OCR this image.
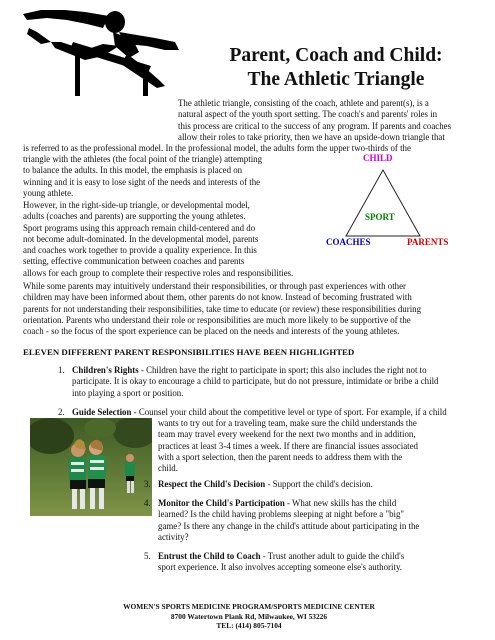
Parent, Coach and Child:
The Athletic Triangle

The athletic triangle, consisting of the coach, athlete and parent(s), is a

natural aspect of the youth sport setting. The coach's and parents' roles in

this process are critical to the success of any program. If parents and coaches

allow their roles to take priority, then we have an upside-down triangle that

is referred to as the professional model. In the professional model, the adults form the upper two-thirds of the

triangle with the athletes (the focal point of the triangle) attempting

to balance the adults. In this model, the emphasis is placed on

winning and it is easy to lose sight of the needs and interests of the

young athlete.

However, in the right-side-up triangle, or developmental model,

adults (coaches and parents) are supporting the young athletes.

Sport programs using this approach remain child-centered and do

not become adult-dominated. In the developmental model, parents

and coaches work together to provide a quality experience. In this

setting, effective communication between coaches and parents

allows for each group to complete their respective roles and responsibilities.

CHILD
SPORT
COACHES	PARENTS

While some parents may intuitively understand their responsibilities, or through past experiences with other

children may have been informed about them, other parents do not know. Instead of becoming frustrated with

parents for not understanding their responsibilities, take time to educate (or review) these responsibilities during

orientation. Parents who understand their role or responsibilities are much more likely to be supportive of the

coach - so the focus of the sport experience can be placed on the needs and interests of the young athletes.

ELEVEN DIFFERENT PARENT RESPONSIBILITIES HAVE BEEN HIGHLIGHTED
1. Children's Rights - Children have the right to participate in sport; this also includes the right not to
participate. It is okay to encourage a child to participate, but do not pressure, intimidate or bribe a child
into playing a sport or position.
2. Guide Selection - Counsel your child about the competitive level or type of sport. For example, if a child
wants to try out for a traveling team, make sure the child understands the
team may travel every weekend for the next two months and in addition,
practices at least 3-4 times a week. If there are financial issues associated
with a sport selection, then the parent needs to address them with the
child.
3. Respect the Child's Decision - Support the child's decision.
4. Monitor the Child's Participation - What new skills has the child
learned? Is the child having problems sleeping at night before a "big"
game? Is there any change in the child's attitude about participating in the
activity?
5. Entrust the Child to Coach - Trust another adult to guide the child's
sport experience. It also involves accepting someone else's authority.
WOMEN'S SPORTS MEDICINE PROGRAM/SPORTS MEDICINE CENTER
8700 Watertown Plank Rd, Milwaukee, WI 53226
TEL: (414) 805-7104
